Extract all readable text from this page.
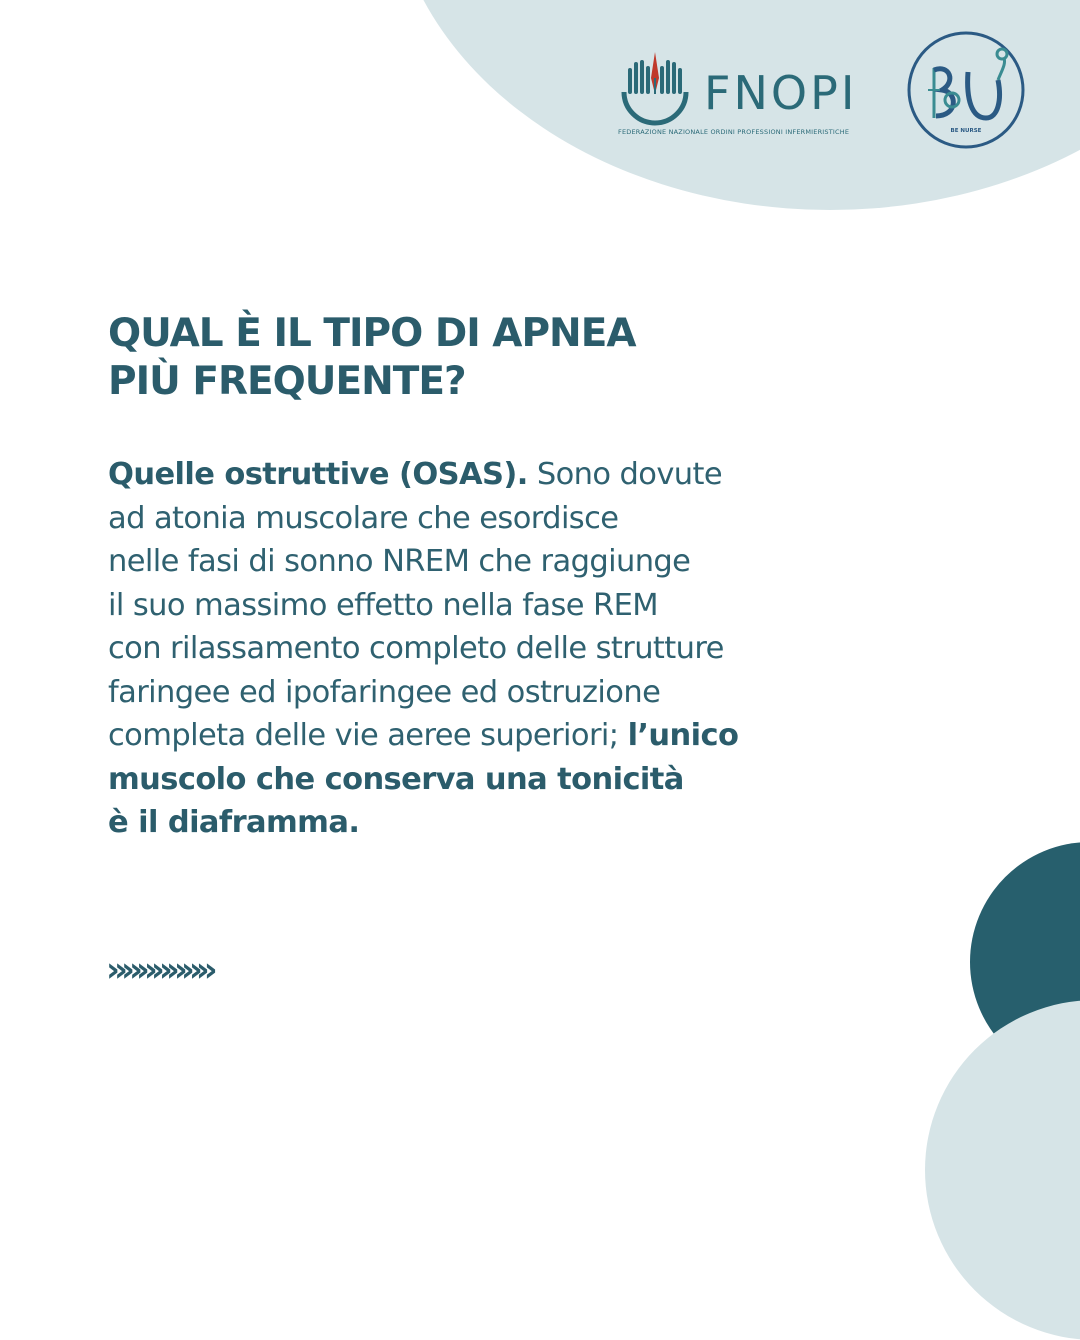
FNOPI
FEDERAZIONE NAZIONALE ORDINI PROFESSIONI INFERMIERISTICHE	BE NURSE
QUAL È IL TIPO DI APNEA
PIÙ FREQUENTE?
Quelle ostruttive (OSAS). Sono dovute
ad atonia muscolare che esordisce
nelle fasi di sonno NREM che raggiunge
il suo massimo effetto nella fase REM
con rilassamento completo delle strutture
faringee ed ipofaringee ed ostruzione
completa delle vie aeree superiori; l’unico
muscolo che conserva una tonicità
è il diaframma.
»»»»»»»
